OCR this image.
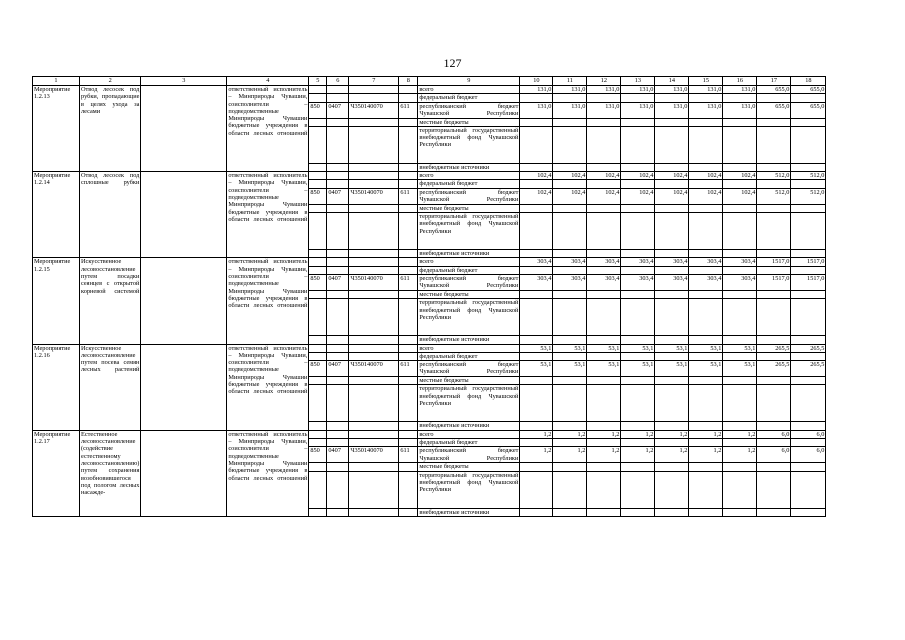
127
1	2	3	4	5	6	7	8	9	10	11	12	13	14	15	16	17	18
Мероприятие 1.2.13	Отвод лесосек под рубки, пропадающие в целях ухода за лесами		ответственный исполнитель – Минприроды Чувашии, соисполнители – подведомственные Минприроды Чувашии бюджетные учреждения в области лесных отношений					всего	131,0	131,0	131,0	131,0	131,0	131,0	131,0	655,0	655,0
								федеральный бюджет									
				850	0407	Ч350140070	611	республиканский бюджет Чувашской Республики	131,0	131,0	131,0	131,0	131,0	131,0	131,0	655,0	655,0
								местные бюджеты									
								территориальный государственный внебюджетный фонд Чувашской Республики									
								внебюджетные источники									
Мероприятие 1.2.14	Отвод лесосек под сплошные рубки		ответственный исполнитель – Минприроды Чувашии, соисполнители – подведомственные Минприроды Чувашии бюджетные учреждения в области лесных отношений					всего	102,4	102,4	102,4	102,4	102,4	102,4	102,4	512,0	512,0
								федеральный бюджет									
				850	0407	Ч350140070	611	республиканский бюджет Чувашской Республики	102,4	102,4	102,4	102,4	102,4	102,4	102,4	512,0	512,0
								местные бюджеты									
								территориальный государственный внебюджетный фонд Чувашской Республики									
								внебюджетные источники									
Мероприятие 1.2.15	Искусственное лесовосстановление путем посадки сеянцев с открытой корневой системой		ответственный исполнитель – Минприроды Чувашии, соисполнители – подведомственные Минприроды Чувашии бюджетные учреждения в области лесных отношений					всего	303,4	303,4	303,4	303,4	303,4	303,4	303,4	1517,0	1517,0
								федеральный бюджет									
				850	0407	Ч350140070	611	республиканский бюджет Чувашской Республики	303,4	303,4	303,4	303,4	303,4	303,4	303,4	1517,0	1517,0
								местные бюджеты									
								территориальный государственный внебюджетный фонд Чувашской Республики									
								внебюджетные источники									
Мероприятие 1.2.16	Искусственное лесовосстановление путем посева семян лесных растений		ответственный исполнитель – Минприроды Чувашии, соисполнители – подведомственные Минприроды Чувашии бюджетные учреждения в области лесных отношений					всего	53,1	53,1	53,1	53,1	53,1	53,1	53,1	265,5	265,5
								федеральный бюджет									
				850	0407	Ч350140070	611	республиканский бюджет Чувашской Республики	53,1	53,1	53,1	53,1	53,1	53,1	53,1	265,5	265,5
								местные бюджеты									
								территориальный государственный внебюджетный фонд Чувашской Республики									
								внебюджетные источники									
Мероприятие 1.2.17	Естественное лесовосстановление (содействие естественному лесовосстановлению) путем сохранения возобновившегося под пологом лесных насажде-		ответственный исполнитель – Минприроды Чувашии, соисполнители – подведомственные Минприроды Чувашии бюджетные учреждения в области лесных отношений					всего	1,2	1,2	1,2	1,2	1,2	1,2	1,2	6,0	6,0
								федеральный бюджет									
				850	0407	Ч350140070	611	республиканский бюджет Чувашской Республики	1,2	1,2	1,2	1,2	1,2	1,2	1,2	6,0	6,0
								местные бюджеты									
								территориальный государственный внебюджетный фонд Чувашской Республики									
								внебюджетные источники									
